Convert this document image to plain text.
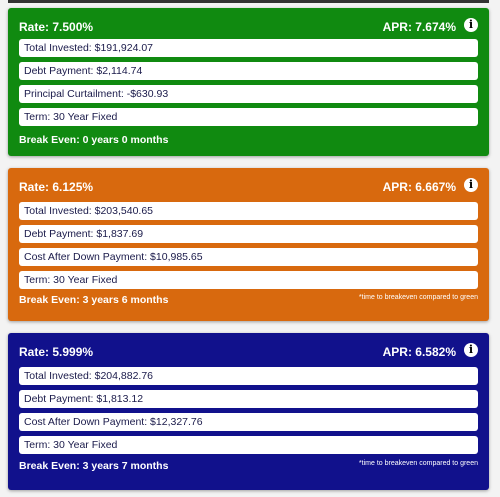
Rate: 7.500%	APR: 7.674%	i
Total Invested: $191,924.07
Debt Payment: $2,114.74
Principal Curtailment: -$630.93
Term: 30 Year Fixed
Break Even: 0 years 0 months
Rate: 6.125%	APR: 6.667%	i
Total Invested: $203,540.65
Debt Payment: $1,837.69
Cost After Down Payment: $10,985.65
Term: 30 Year Fixed
Break Even: 3 years 6 months	*time to breakeven compared to green
Rate: 5.999%	APR: 6.582%	i
Total Invested: $204,882.76
Debt Payment: $1,813.12
Cost After Down Payment: $12,327.76
Term: 30 Year Fixed
Break Even: 3 years 7 months	*time to breakeven compared to green
